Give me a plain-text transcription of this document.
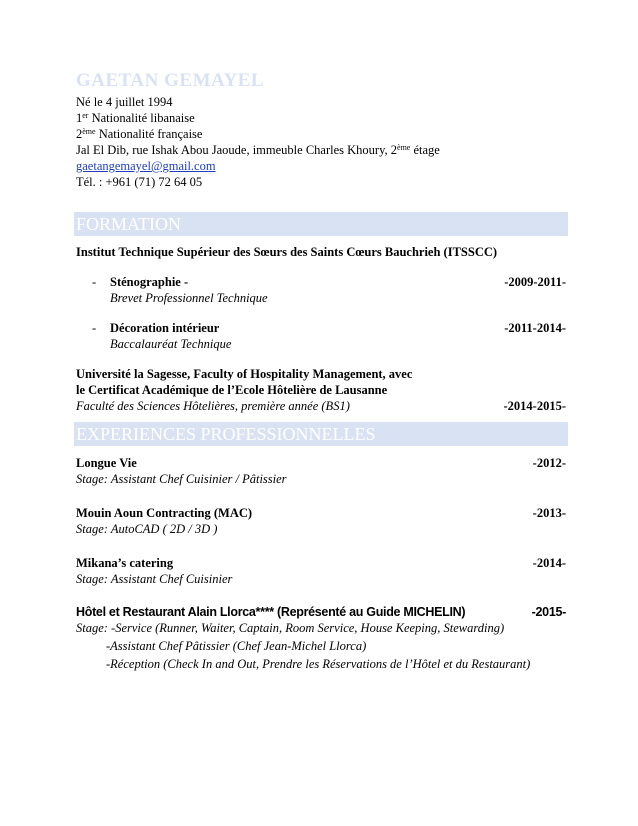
GAETAN GEMAYEL
Né le 4 juillet 1994
1er Nationalité libanaise
2ème Nationalité française
Jal El Dib, rue Ishak Abou Jaoude, immeuble Charles Khoury, 2ème étage
gaetangemayel@gmail.com
Tél. : +961 (71) 72 64 05
FORMATION
Institut Technique Supérieur des Sœurs des Saints Cœurs Bauchrieh (ITSSCC)
-	Sténographie -	-2009-2011-
Brevet Professionnel Technique
-	Décoration intérieur	-2011-2014-
Baccalauréat Technique
Université la Sagesse, Faculty of Hospitality Management, avec
le Certificat Académique de l’Ecole Hôtelière de Lausanne
Faculté des Sciences Hôtelières, première année (BS1)	-2014-2015-
EXPERIENCES PROFESSIONNELLES
Longue Vie	-2012-
Stage: Assistant Chef Cuisinier / Pâtissier
Mouin Aoun Contracting (MAC)	-2013-
Stage: AutoCAD ( 2D / 3D )
Mikana’s catering	-2014-
Stage: Assistant Chef Cuisinier
Hôtel et Restaurant Alain Llorca**** (Représenté au Guide MICHELIN)	-2015-
Stage: -Service (Runner, Waiter, Captain, Room Service, House Keeping, Stewarding)
-Assistant Chef Pâtissier (Chef Jean-Michel Llorca)
-Réception (Check In and Out, Prendre les Réservations de l’Hôtel et du Restaurant)
